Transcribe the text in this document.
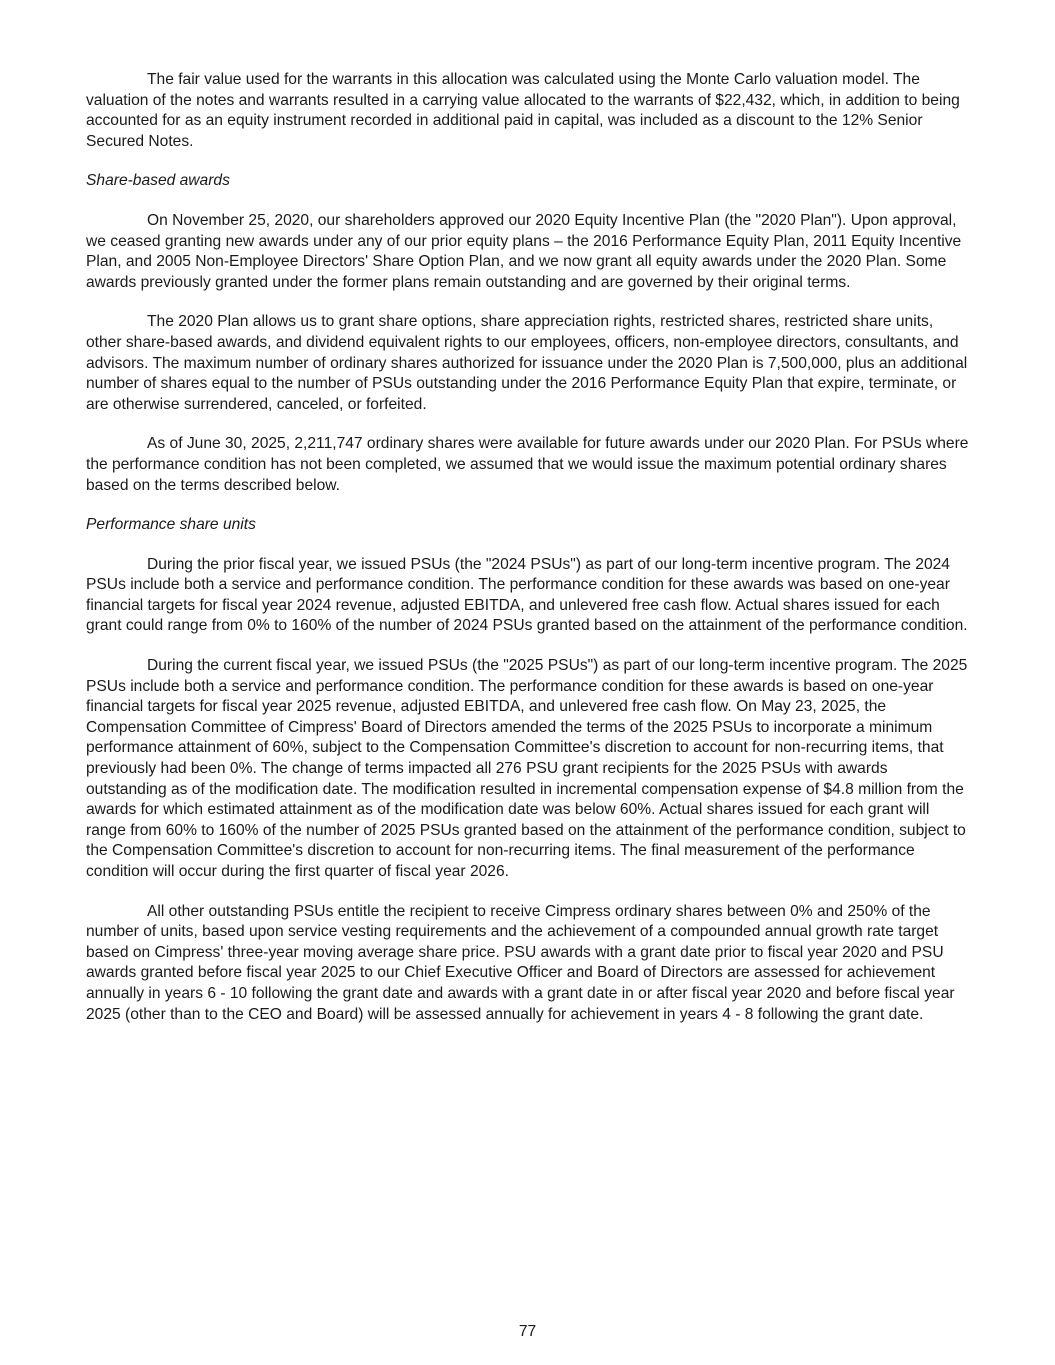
The fair value used for the warrants in this allocation was calculated using the Monte Carlo valuation model. The valuation of the notes and warrants resulted in a carrying value allocated to the warrants of $22,432, which, in addition to being accounted for as an equity instrument recorded in additional paid in capital, was included as a discount to the 12% Senior Secured Notes.

Share-based awards

On November 25, 2020, our shareholders approved our 2020 Equity Incentive Plan (the "2020 Plan"). Upon approval, we ceased granting new awards under any of our prior equity plans – the 2016 Performance Equity Plan, 2011 Equity Incentive Plan, and 2005 Non-Employee Directors' Share Option Plan, and we now grant all equity awards under the 2020 Plan. Some awards previously granted under the former plans remain outstanding and are governed by their original terms.

The 2020 Plan allows us to grant share options, share appreciation rights, restricted shares, restricted share units, other share-based awards, and dividend equivalent rights to our employees, officers, non-employee directors, consultants, and advisors. The maximum number of ordinary shares authorized for issuance under the 2020 Plan is 7,500,000, plus an additional number of shares equal to the number of PSUs outstanding under the 2016 Performance Equity Plan that expire, terminate, or are otherwise surrendered, canceled, or forfeited.

As of June 30, 2025, 2,211,747 ordinary shares were available for future awards under our 2020 Plan. For PSUs where the performance condition has not been completed, we assumed that we would issue the maximum potential ordinary shares based on the terms described below.

Performance share units

During the prior fiscal year, we issued PSUs (the "2024 PSUs") as part of our long-term incentive program. The 2024 PSUs include both a service and performance condition. The performance condition for these awards was based on one-year financial targets for fiscal year 2024 revenue, adjusted EBITDA, and unlevered free cash flow. Actual shares issued for each grant could range from 0% to 160% of the number of 2024 PSUs granted based on the attainment of the performance condition.

During the current fiscal year, we issued PSUs (the "2025 PSUs") as part of our long-term incentive program. The 2025 PSUs include both a service and performance condition. The performance condition for these awards is based on one-year financial targets for fiscal year 2025 revenue, adjusted EBITDA, and unlevered free cash flow. On May 23, 2025, the Compensation Committee of Cimpress' Board of Directors amended the terms of the 2025 PSUs to incorporate a minimum performance attainment of 60%, subject to the Compensation Committee's discretion to account for non-recurring items, that previously had been 0%. The change of terms impacted all 276 PSU grant recipients for the 2025 PSUs with awards outstanding as of the modification date. The modification resulted in incremental compensation expense of $4.8 million from the awards for which estimated attainment as of the modification date was below 60%. Actual shares issued for each grant will range from 60% to 160% of the number of 2025 PSUs granted based on the attainment of the performance condition, subject to the Compensation Committee's discretion to account for non-recurring items. The final measurement of the performance condition will occur during the first quarter of fiscal year 2026.

All other outstanding PSUs entitle the recipient to receive Cimpress ordinary shares between 0% and 250% of the number of units, based upon service vesting requirements and the achievement of a compounded annual growth rate target based on Cimpress' three-year moving average share price. PSU awards with a grant date prior to fiscal year 2020 and PSU awards granted before fiscal year 2025 to our Chief Executive Officer and Board of Directors are assessed for achievement annually in years 6 - 10 following the grant date and awards with a grant date in or after fiscal year 2020 and before fiscal year 2025 (other than to the CEO and Board) will be assessed annually for achievement in years 4 - 8 following the grant date.

77
